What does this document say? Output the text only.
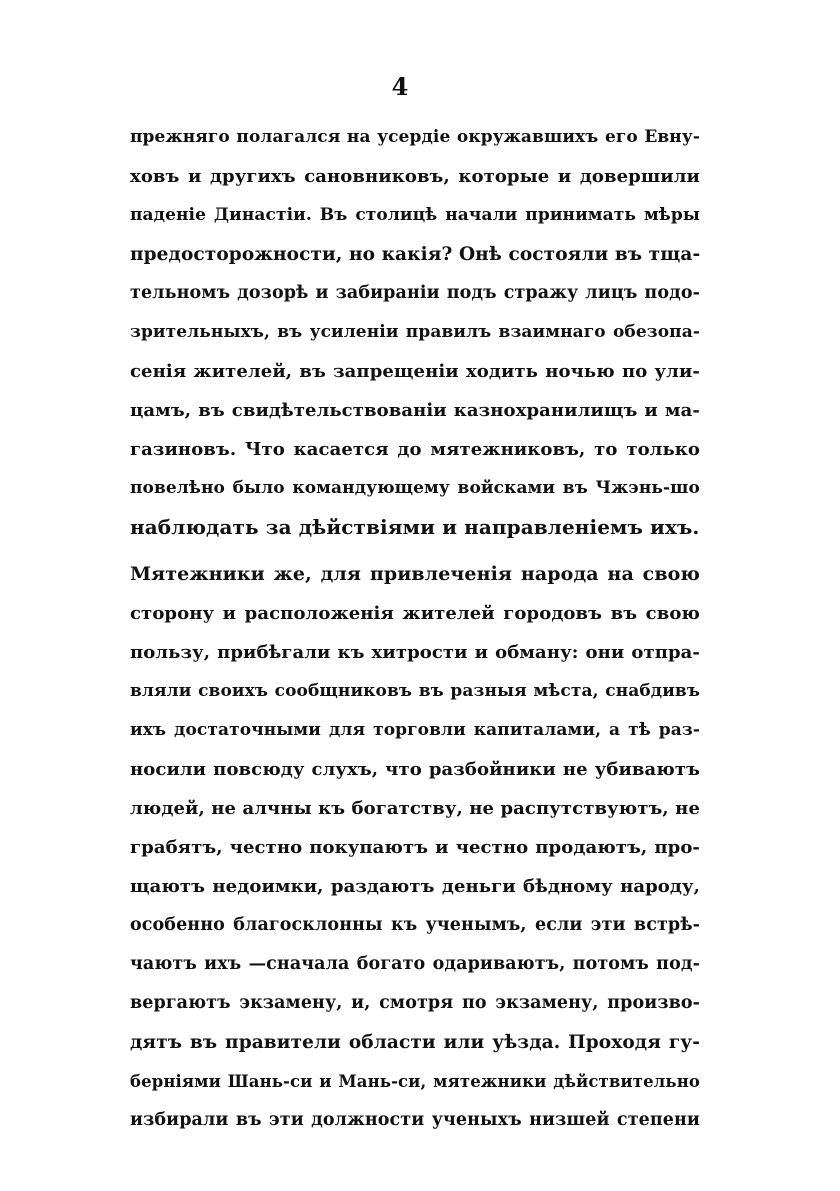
4
прежняго полагался на усердіе окружавшихъ его Евну-
ховъ и другихъ сановниковъ, которые и довершили
паденіе Династіи. Въ столицѣ начали принимать мѣры
предосторожности, но какія? Онѣ состояли въ тща-
тельномъ дозорѣ и забираніи подъ стражу лицъ подо-
зрительныхъ, въ усиленіи правилъ взаимнаго обезопа-
сенія жителей, въ запрещеніи ходить ночью по ули-
цамъ, въ свидѣтельствованіи казнохранилищъ и ма-
газиновъ. Что касается до мятежниковъ, то только
повелѣно было командующему войсками въ Чжэнь-шо
наблюдать за дѣйствіями и направленіемъ ихъ.
Мятежники же, для привлеченія народа на свою
сторону и расположенія жителей городовъ въ свою
пользу, прибѣгали къ хитрости и обману: они отпра-
вляли своихъ сообщниковъ въ разныя мѣста, снабдивъ
ихъ достаточными для торговли капиталами, а тѣ раз-
носили повсюду слухъ, что разбойники не убиваютъ
людей, не алчны къ богатству, не распутствуютъ, не
грабятъ, честно покупаютъ и честно продаютъ, про-
щаютъ недоимки, раздаютъ деньги бѣдному народу,
особенно благосклонны къ ученымъ, если эти встрѣ-
чаютъ ихъ —сначала богато одариваютъ, потомъ под-
вергаютъ экзамену, и, смотря по экзамену, произво-
дятъ въ правители области или уѣзда. Проходя гу-
берніями Шань-си и Мань-си, мятежники дѣйствительно
избирали въ эти должности ученыхъ низшей степени
